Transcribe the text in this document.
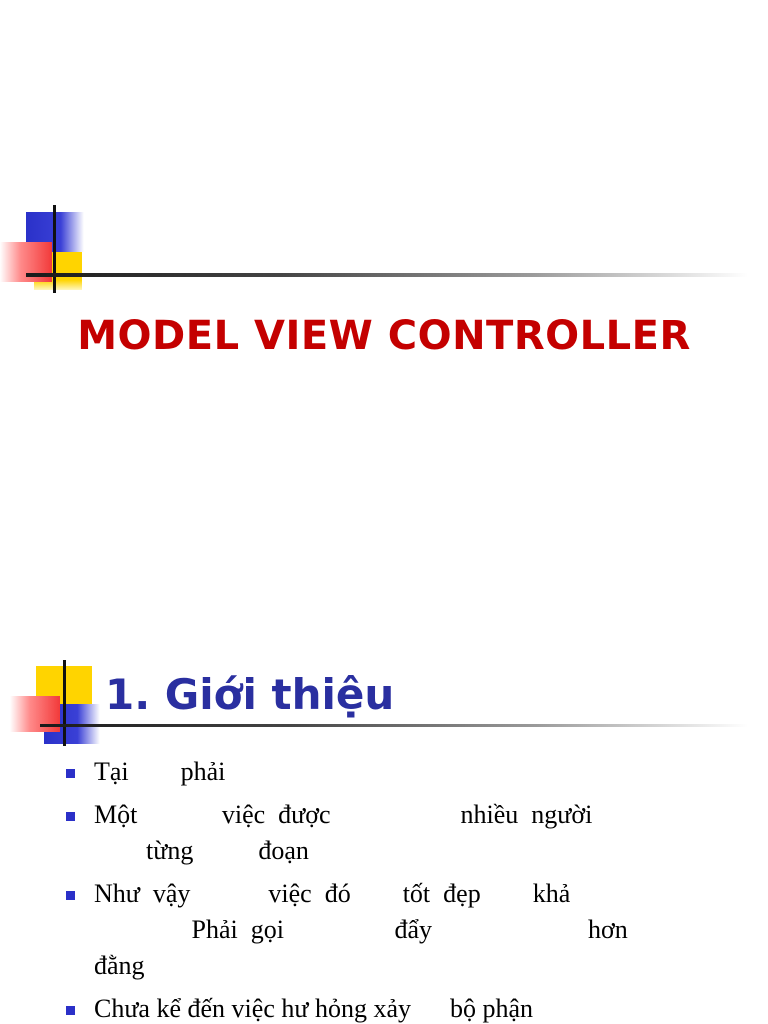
MODEL VIEW CONTROLLER
1. Giới thiệu
Tại        phải
Một             việc  được                    nhiều  người
từng          đoạn
Như  vậy            việc  đó        tốt  đẹp        khả
Phải  gọi                 đẩy                        hơn
đằng
Chưa kể đến việc hư hỏng xảy      bộ phận
